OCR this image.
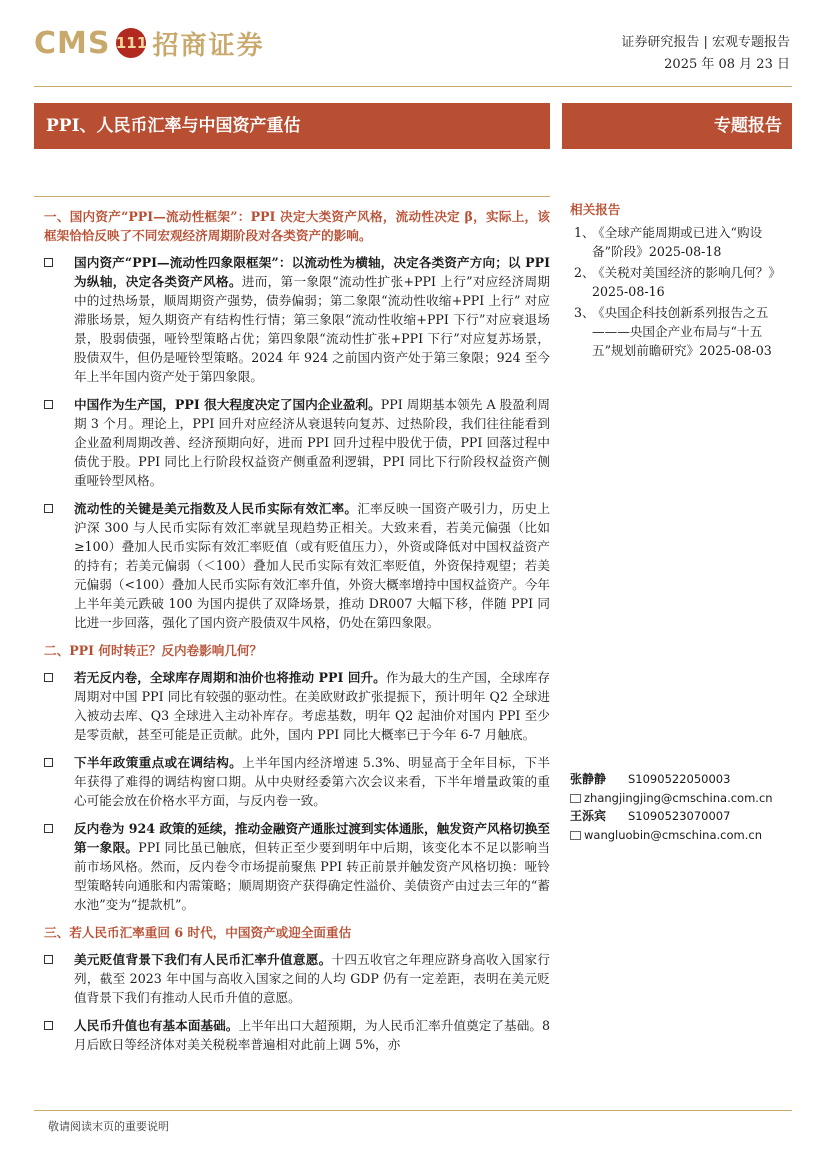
CMS 111 招商证券	证券研究报告 | 宏观专题报告
2025 年 08 月 23 日
PPI、人民币汇率与中国资产重估	专题报告
一、国内资产“PPI—流动性框架”：PPI 决定大类资产风格，流动性决定 β，实际上，该框架恰恰反映了不同宏观经济周期阶段对各类资产的影响。
国内资产“PPI—流动性四象限框架”：以流动性为横轴，决定各类资产方向；以 PPI 为纵轴，决定各类资产风格。进而，第一象限“流动性扩张+PPI 上行”对应经济周期中的过热场景，顺周期资产强势，债券偏弱；第二象限“流动性收缩+PPI 上行” 对应滞胀场景，短久期资产有结构性行情；第三象限“流动性收缩+PPI 下行”对应衰退场景，股弱债强，哑铃型策略占优；第四象限“流动性扩张+PPI 下行”对应复苏场景，股债双牛，但仍是哑铃型策略。2024 年 924 之前国内资产处于第三象限；924 至今年上半年国内资产处于第四象限。
中国作为生产国，PPI 很大程度决定了国内企业盈利。PPI 周期基本领先 A 股盈利周期 3 个月。理论上，PPI 回升对应经济从衰退转向复苏、过热阶段，我们往往能看到企业盈利周期改善、经济预期向好，进而 PPI 回升过程中股优于债，PPI 回落过程中债优于股。PPI 同比上行阶段权益资产侧重盈利逻辑，PPI 同比下行阶段权益资产侧重哑铃型风格。
流动性的关键是美元指数及人民币实际有效汇率。汇率反映一国资产吸引力，历史上沪深 300 与人民币实际有效汇率就呈现趋势正相关。大致来看，若美元偏强（比如≥100）叠加人民币实际有效汇率贬值（或有贬值压力），外资或降低对中国权益资产的持有；若美元偏弱（＜100）叠加人民币实际有效汇率贬值，外资保持观望；若美元偏弱（<100）叠加人民币实际有效汇率升值，外资大概率增持中国权益资产。今年上半年美元跌破 100 为国内提供了双降场景，推动 DR007 大幅下移，伴随 PPI 同比进一步回落，强化了国内资产股债双牛风格，仍处在第四象限。
二、PPI 何时转正？反内卷影响几何？
若无反内卷，全球库存周期和油价也将推动 PPI 回升。作为最大的生产国，全球库存周期对中国 PPI 同比有较强的驱动性。在美欧财政扩张提振下，预计明年 Q2 全球进入被动去库、Q3 全球进入主动补库存。考虑基数，明年 Q2 起油价对国内 PPI 至少是零贡献，甚至可能是正贡献。此外，国内 PPI 同比大概率已于今年 6-7 月触底。
下半年政策重点或在调结构。上半年国内经济增速 5.3%、明显高于全年目标，下半年获得了难得的调结构窗口期。从中央财经委第六次会议来看，下半年增量政策的重心可能会放在价格水平方面，与反内卷一致。
反内卷为 924 政策的延续，推动金融资产通胀过渡到实体通胀，触发资产风格切换至第一象限。PPI 同比虽已触底，但转正至少要到明年中后期，该变化本不足以影响当前市场风格。然而，反内卷令市场提前聚焦 PPI 转正前景并触发资产风格切换：哑铃型策略转向通胀和内需策略；顺周期资产获得确定性溢价、美债资产由过去三年的“蓄水池”变为“提款机”。
三、若人民币汇率重回 6 时代，中国资产或迎全面重估
美元贬值背景下我们有人民币汇率升值意愿。十四五收官之年理应跻身高收入国家行列，截至 2023 年中国与高收入国家之间的人均 GDP 仍有一定差距，表明在美元贬值背景下我们有推动人民币升值的意愿。
人民币升值也有基本面基础。上半年出口大超预期，为人民币汇率升值奠定了基础。8 月后欧日等经济体对美关税税率普遍相对此前上调 5%，亦
相关报告
1、
《全球产能周期或已进入“购设备”阶段》2025-08-18
2、
《关税对美国经济的影响几何？》2025-08-16
3、
《央国企科技创新系列报告之五———央国企产业布局与“十五五”规划前瞻研究》2025-08-03
张静静	S1090522050003
zhangjingjing@cmschina.com.cn
王泺宾	S1090523070007
wangluobin@cmschina.com.cn
敬请阅读末页的重要说明
